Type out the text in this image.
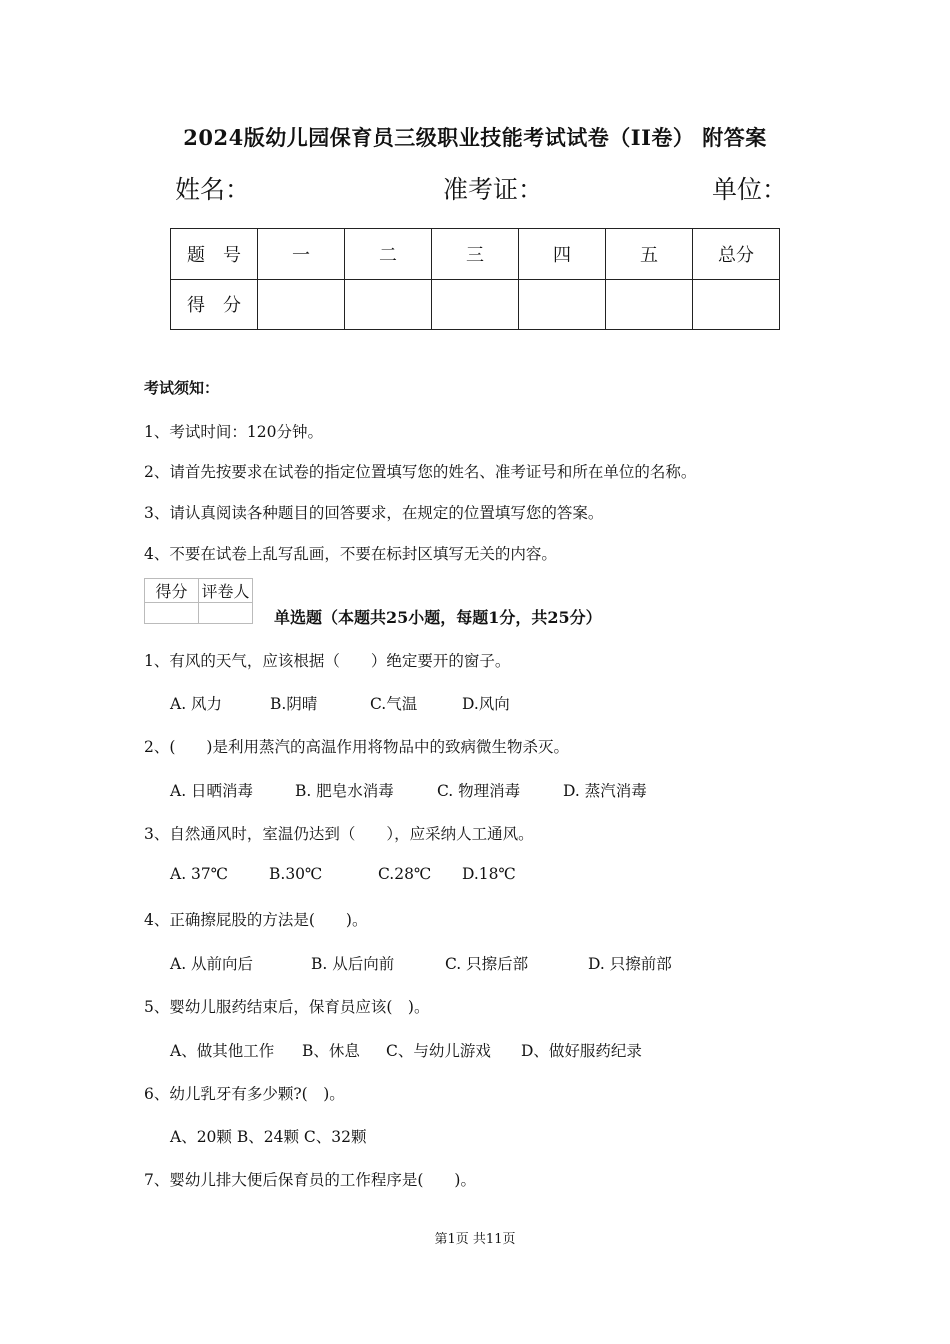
2024版幼儿园保育员三级职业技能考试试卷（II卷） 附答案
姓名：	准考证：	单位：
题　号	一	二	三	四	五	总分
得　分						
考试须知：
1、考试时间：120分钟。
2、请首先按要求在试卷的指定位置填写您的姓名、准考证号和所在单位的名称。
3、请认真阅读各种题目的回答要求，在规定的位置填写您的答案。
4、不要在试卷上乱写乱画，不要在标封区填写无关的内容。
得分	评卷人

单选题（本题共25小题，每题1分，共25分）
1、有风的天气，应该根据（　　）绝定要开的窗子。
A. 风力	B.阴晴	C.气温	D.风向
2、(　　)是利用蒸汽的高温作用将物品中的致病微生物杀灭。
A. 日晒消毒	B. 肥皂水消毒	C. 物理消毒	D. 蒸汽消毒
3、自然通风时，室温仍达到（　　），应采纳人工通风。
A. 37℃	B.30℃	C.28℃ D.18℃
4、正确擦屁股的方法是(　　)。
A. 从前向后	B. 从后向前	C. 只擦后部	D. 只擦前部
5、婴幼儿服药结束后，保育员应该(　)。
A、做其他工作 B、休息 C、与幼儿游戏 D、做好服药纪录
6、幼儿乳牙有多少颗?(　)。
A、20颗 B、24颗 C、32颗
7、婴幼儿排大便后保育员的工作程序是(　　)。
第1页 共11页
